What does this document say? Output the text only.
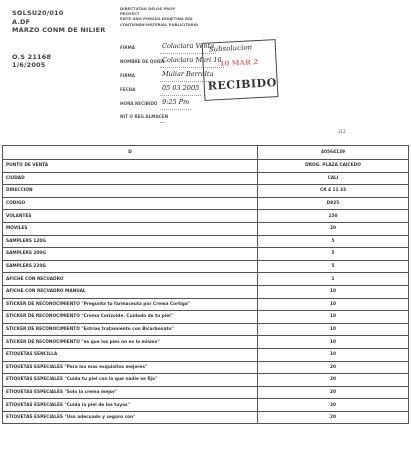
SOLSU20/010
A.DF
MARZO CONM DE NILIER
O.S 21168
1/6/2005
DIRECTUTAG DELOS PROY
PROYECT
ENTE UNO PORSUS DIDJETINA RID
CONTIENEN MATERIAL PUBLICITARIO
FIRMA	Colaclara Venta
NOMBRE DE QUIEN
Colaclara Mari 16
FIRMA	Muliar Berrolta
FECHA	05 03 2005
HORA RECIBIDO 9:25 Pm
NIT O REG ALMACEN
Subsolucion
10 MAR 2
RECIBIDO
312
D	40564129
PUNTO DE VENTA	DROG. PLAZA CAICEDO
CIUDAD	CALI
DIRECCION	CR 4 11 33
CODIGO	D825
VOLANTES	150
MOVILES	20
SAMPLERS 120G	5
SAMPLERS 200G	5
SAMPLERS 220G	5
AFICHE CON RECUADRO	1
AFICHE CON RECUADRO MANUAL	10
STICKER DE RECONOCIMIENTO "Pregunta tu farmaceuta por Crema Cortiga"	10
STICKER DE RECONOCIMIENTO "Crema Corizoide. Cuidado de tu piel"	10
STICKER DE RECONOCIMIENTO "Estrias tratamiento con Bicarbonato"	10
STICKER DE RECONOCIMIENTO "es que los pies no es lo mismo"	10
ETIQUETAS SENCILLA	10
ETIQUETAS ESPECIALES "Para los mas exquisitos mejores"	20
ETIQUETAS ESPECIALES "Cuida tu piel con lo que nadie se fija"	20
ETIQUETAS ESPECIALES "Solo la crema mejor"	20
ETIQUETAS ESPECIALES "Cuida la piel de los tuyos"	20
ETIQUETAS ESPECIALES "Uso adecuado y seguro con"	20
